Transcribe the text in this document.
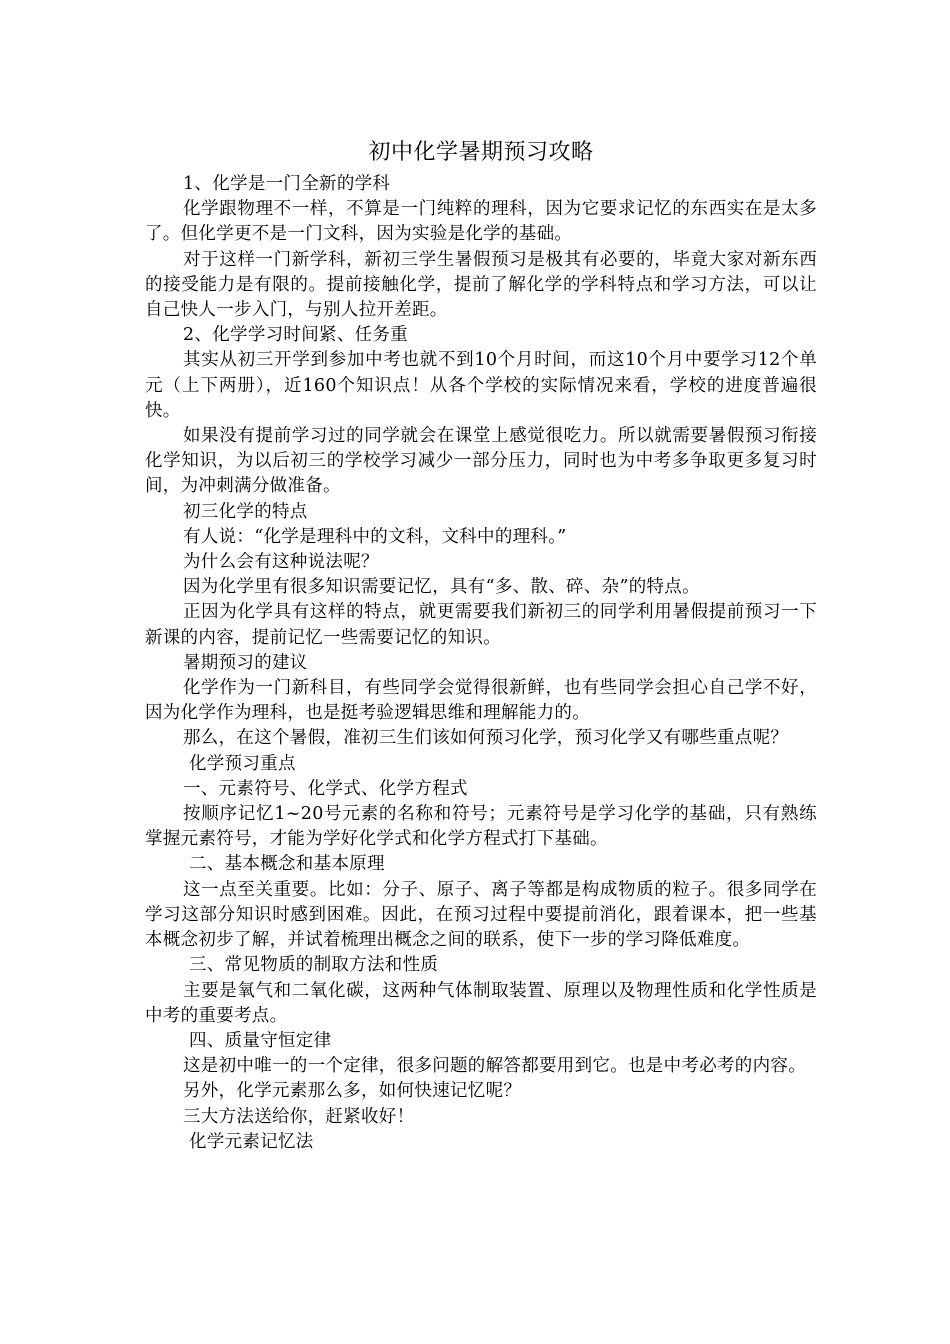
初中化学暑期预习攻略

1、化学是一门全新的学科

化学跟物理不一样，不算是一门纯粹的理科，因为它要求记忆的东西实在是太多了。但化学更不是一门文科，因为实验是化学的基础。

对于这样一门新学科，新初三学生暑假预习是极其有必要的，毕竟大家对新东西的接受能力是有限的。提前接触化学，提前了解化学的学科特点和学习方法，可以让自己快人一步入门，与别人拉开差距。

2、化学学习时间紧、任务重

其实从初三开学到参加中考也就不到10个月时间，而这10个月中要学习12个单元（上下两册），近160个知识点！从各个学校的实际情况来看，学校的进度普遍很快。

如果没有提前学习过的同学就会在课堂上感觉很吃力。所以就需要暑假预习衔接化学知识，为以后初三的学校学习减少一部分压力，同时也为中考多争取更多复习时间，为冲刺满分做准备。

初三化学的特点

有人说：“化学是理科中的文科，文科中的理科。”

为什么会有这种说法呢？

因为化学里有很多知识需要记忆，具有“多、散、碎、杂”的特点。

正因为化学具有这样的特点，就更需要我们新初三的同学利用暑假提前预习一下新课的内容，提前记忆一些需要记忆的知识。

暑期预习的建议

化学作为一门新科目，有些同学会觉得很新鲜，也有些同学会担心自己学不好，因为化学作为理科，也是挺考验逻辑思维和理解能力的。

那么，在这个暑假，准初三生们该如何预习化学，预习化学又有哪些重点呢？

化学预习重点

一、元素符号、化学式、化学方程式

按顺序记忆1~20号元素的名称和符号；元素符号是学习化学的基础，只有熟练掌握元素符号，才能为学好化学式和化学方程式打下基础。

二、基本概念和基本原理

这一点至关重要。比如：分子、原子、离子等都是构成物质的粒子。很多同学在学习这部分知识时感到困难。因此，在预习过程中要提前消化，跟着课本，把一些基本概念初步了解，并试着梳理出概念之间的联系，使下一步的学习降低难度。

三、常见物质的制取方法和性质

主要是氧气和二氧化碳，这两种气体制取装置、原理以及物理性质和化学性质是中考的重要考点。

四、质量守恒定律

这是初中唯一的一个定律，很多问题的解答都要用到它。也是中考必考的内容。

另外，化学元素那么多，如何快速记忆呢？

三大方法送给你，赶紧收好！

化学元素记忆法
